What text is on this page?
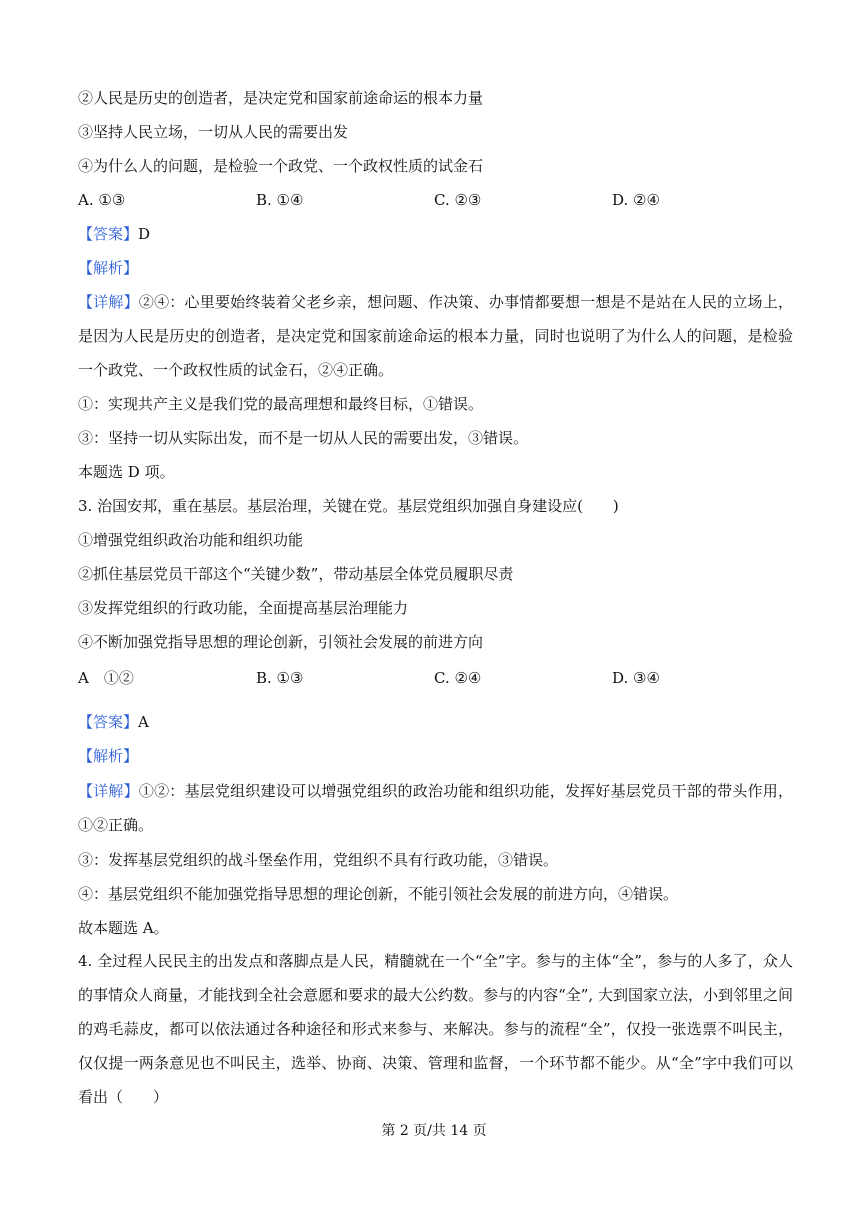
②人民是历史的创造者，是决定党和国家前途命运的根本力量
③坚持人民立场，一切从人民的需要出发
④为什么人的问题，是检验一个政党、一个政权性质的试金石
A. ①③	B. ①④	C. ②③	D. ②④
【答案】D
【解析】
【详解】②④：心里要始终装着父老乡亲，想问题、作决策、办事情都要想一想是不是站在人民的立场上，是因为人民是历史的创造者，是决定党和国家前途命运的根本力量，同时也说明了为什么人的问题，是检验一个政党、一个政权性质的试金石，②④正确。
①：实现共产主义是我们党的最高理想和最终目标，①错误。
③：坚持一切从实际出发，而不是一切从人民的需要出发，③错误。
本题选 D 项。
3. 治国安邦，重在基层。基层治理，关键在党。基层党组织加强自身建设应(　　)
①增强党组织政治功能和组织功能
②抓住基层党员干部这个“关键少数”，带动基层全体党员履职尽责
③发挥党组织的行政功能，全面提高基层治理能力
④不断加强党指导思想的理论创新，引领社会发展的前进方向
A　①②	B. ①③	C. ②④	D. ③④
【答案】A
【解析】
【详解】①②：基层党组织建设可以增强党组织的政治功能和组织功能，发挥好基层党员干部的带头作用，①②正确。
③：发挥基层党组织的战斗堡垒作用，党组织不具有行政功能，③错误。
④：基层党组织不能加强党指导思想的理论创新，不能引领社会发展的前进方向，④错误。
故本题选 A。
4. 全过程人民民主的出发点和落脚点是人民，精髓就在一个“全”字。参与的主体“全”，参与的人多了，众人的事情众人商量，才能找到全社会意愿和要求的最大公约数。参与的内容“全”, 大到国家立法，小到邻里之间的鸡毛蒜皮，都可以依法通过各种途径和形式来参与、来解决。参与的流程“全”，仅投一张选票不叫民主，仅仅提一两条意见也不叫民主，选举、协商、决策、管理和监督，一个环节都不能少。从“全”字中我们可以看出（　　）
第 2 页/共 14 页
